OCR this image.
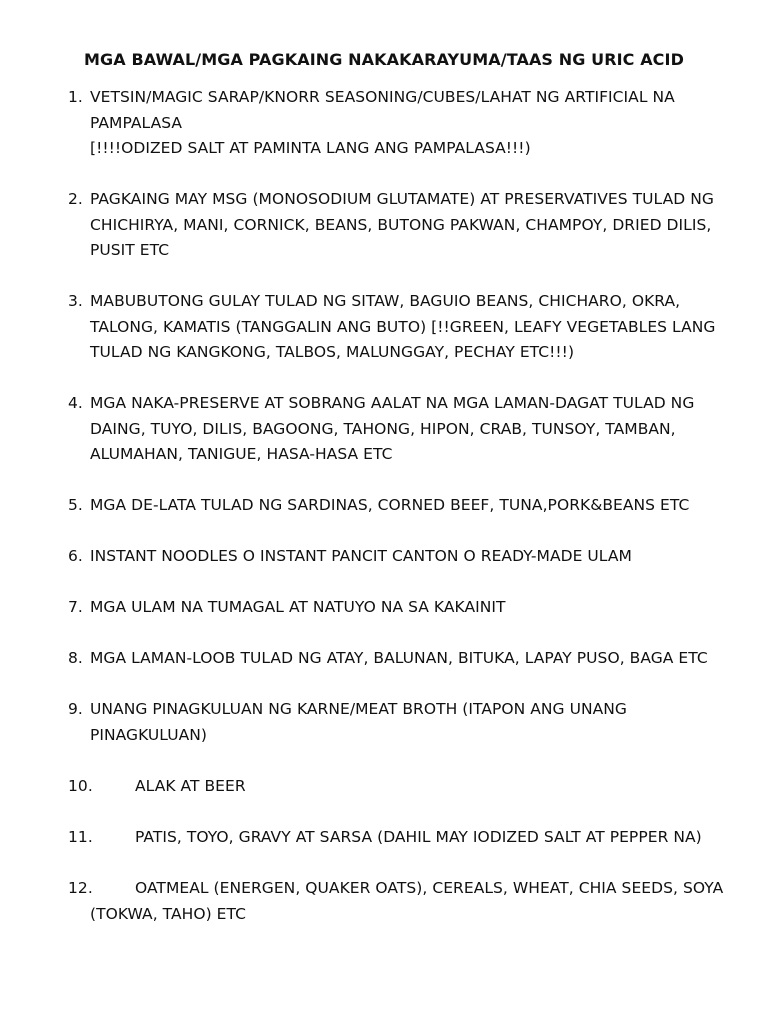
MGA BAWAL/MGA PAGKAING NAKAKARAYUMA/TAAS NG URIC ACID
1. VETSIN/MAGIC SARAP/KNORR SEASONING/CUBES/LAHAT NG ARTIFICIAL NA
PAMPALASA
[!!!!ODIZED SALT AT PAMINTA LANG ANG PAMPALASA!!!)
2. PAGKAING MAY MSG (MONOSODIUM GLUTAMATE) AT PRESERVATIVES TULAD NG
CHICHIRYA, MANI, CORNICK, BEANS, BUTONG PAKWAN, CHAMPOY, DRIED DILIS,
PUSIT ETC
3. MABUBUTONG GULAY TULAD NG SITAW, BAGUIO BEANS, CHICHARO, OKRA,
TALONG, KAMATIS (TANGGALIN ANG BUTO) [!!GREEN, LEAFY VEGETABLES LANG
TULAD NG KANGKONG, TALBOS, MALUNGGAY, PECHAY ETC!!!)
4. MGA NAKA-PRESERVE AT SOBRANG AALAT NA MGA LAMAN-DAGAT TULAD NG
DAING, TUYO, DILIS, BAGOONG, TAHONG, HIPON, CRAB, TUNSOY, TAMBAN,
ALUMAHAN, TANIGUE, HASA-HASA ETC
5. MGA DE-LATA TULAD NG SARDINAS, CORNED BEEF, TUNA,PORK&BEANS ETC
6. INSTANT NOODLES O INSTANT PANCIT CANTON O READY-MADE ULAM
7. MGA ULAM NA TUMAGAL AT NATUYO NA SA KAKAINIT
8. MGA LAMAN-LOOB TULAD NG ATAY, BALUNAN, BITUKA, LAPAY PUSO, BAGA ETC
9. UNANG PINAGKULUAN NG KARNE/MEAT BROTH (ITAPON ANG UNANG
PINAGKULUAN)
10.	ALAK AT BEER
11.	PATIS, TOYO, GRAVY AT SARSA (DAHIL MAY IODIZED SALT AT PEPPER NA)
12.	OATMEAL (ENERGEN, QUAKER OATS), CEREALS, WHEAT, CHIA SEEDS, SOYA
(TOKWA, TAHO) ETC
